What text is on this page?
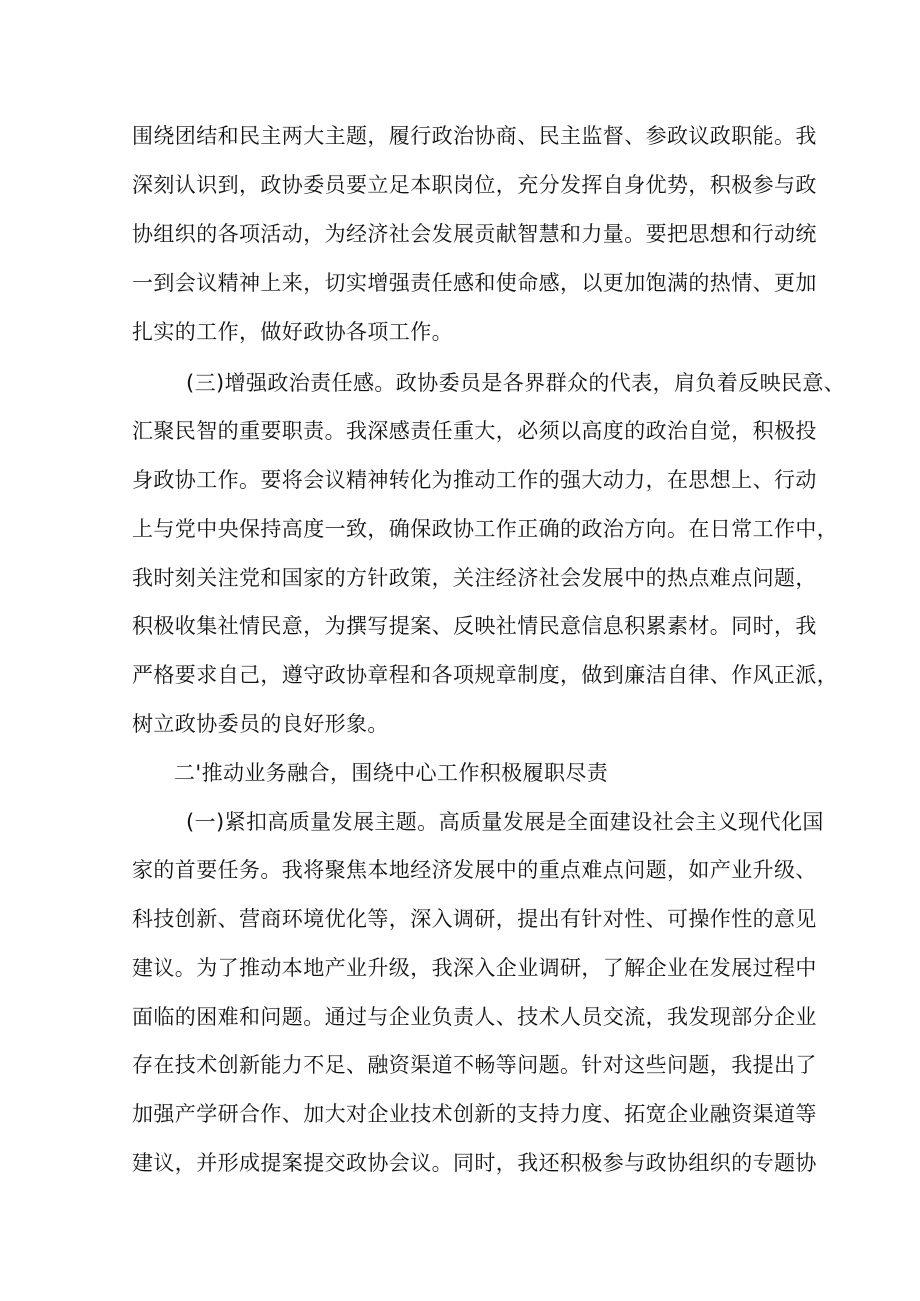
围绕团结和民主两大主题，履行政治协商、民主监督、参政议政职能。我
深刻认识到，政协委员要立足本职岗位，充分发挥自身优势，积极参与政
协组织的各项活动，为经济社会发展贡献智慧和力量。要把思想和行动统
一到会议精神上来，切实增强责任感和使命感，以更加饱满的热情、更加
扎实的工作，做好政协各项工作。
(三)增强政治责任感。政协委员是各界群众的代表，肩负着反映民意、
汇聚民智的重要职责。我深感责任重大，必须以高度的政治自觉，积极投
身政协工作。要将会议精神转化为推动工作的强大动力，在思想上、行动
上与党中央保持高度一致，确保政协工作正确的政治方向。在日常工作中，
我时刻关注党和国家的方针政策，关注经济社会发展中的热点难点问题，
积极收集社情民意，为撰写提案、反映社情民意信息积累素材。同时，我
严格要求自己，遵守政协章程和各项规章制度，做到廉洁自律、作风正派，
树立政协委员的良好形象。
二'推动业务融合，围绕中心工作积极履职尽责
(一)紧扣高质量发展主题。高质量发展是全面建设社会主义现代化国
家的首要任务。我将聚焦本地经济发展中的重点难点问题，如产业升级、
科技创新、营商环境优化等，深入调研，提出有针对性、可操作性的意见
建议。为了推动本地产业升级，我深入企业调研，了解企业在发展过程中
面临的困难和问题。通过与企业负责人、技术人员交流，我发现部分企业
存在技术创新能力不足、融资渠道不畅等问题。针对这些问题，我提出了
加强产学研合作、加大对企业技术创新的支持力度、拓宽企业融资渠道等
建议，并形成提案提交政协会议。同时，我还积极参与政协组织的专题协
